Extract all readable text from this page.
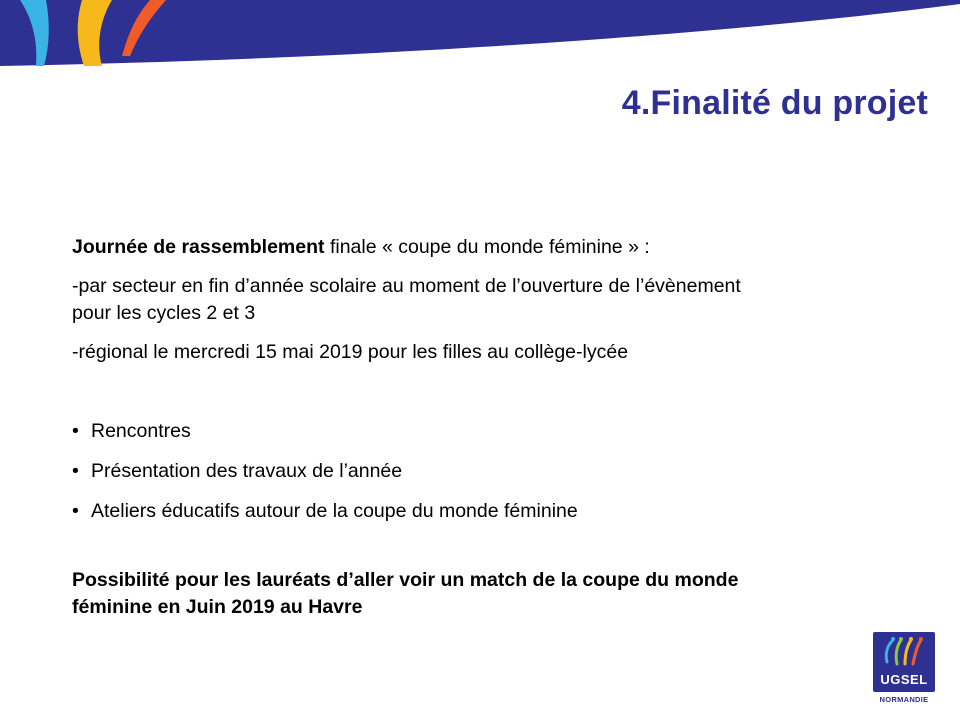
4.Finalité du projet

Journée de rassemblement finale « coupe du monde féminine » :

-par secteur en fin d’année scolaire au moment de l’ouverture de l’évènement
pour les cycles 2 et 3

-régional le mercredi 15 mai 2019 pour les filles au collège-lycée

• Rencontres
• Présentation des travaux de l’année
• Ateliers éducatifs autour de la coupe du monde féminine

Possibilité pour les lauréats d’aller voir un match de la coupe du monde
féminine en Juin 2019 au Havre

UGSEL
NORMANDIE
